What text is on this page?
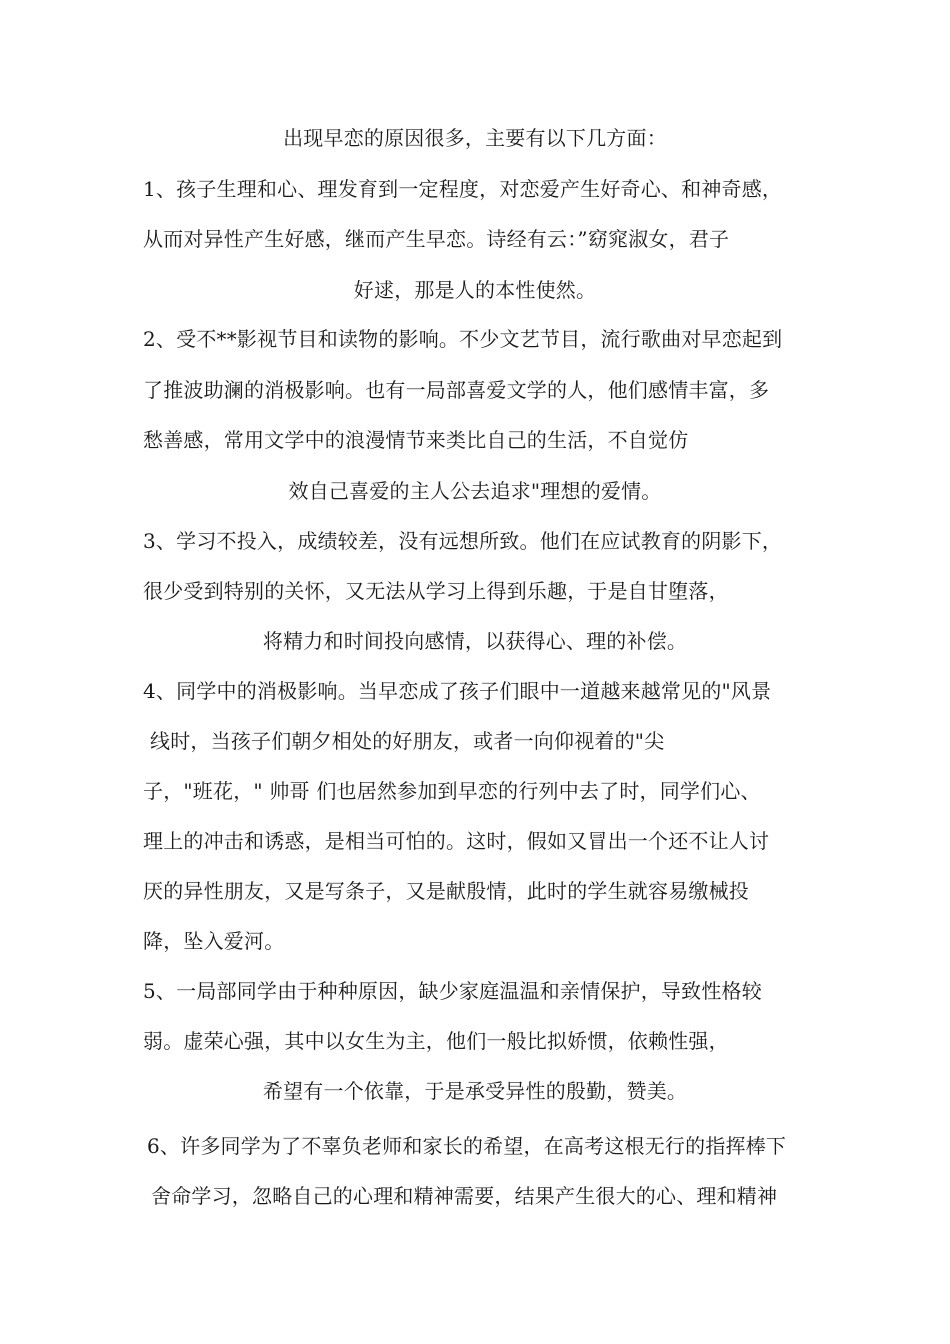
出现早恋的原因很多，主要有以下几方面：
1、孩子生理和心、理发育到一定程度，对恋爱产生好奇心、和神奇感，
从而对异性产生好感，继而产生早恋。诗经有云：”窈窕淑女，君子
好逑，那是人的本性使然。
2、受不**影视节目和读物的影响。不少文艺节目，流行歌曲对早恋起到
了推波助澜的消极影响。也有一局部喜爱文学的人，他们感情丰富，多
愁善感，常用文学中的浪漫情节来类比自己的生活，不自觉仿
效自己喜爱的主人公去追求"理想的爱情。
3、学习不投入，成绩较差，没有远想所致。他们在应试教育的阴影下，
很少受到特别的关怀，又无法从学习上得到乐趣，于是自甘堕落，
将精力和时间投向感情，以获得心、理的补偿。
4、同学中的消极影响。当早恋成了孩子们眼中一道越来越常见的"风景
线时，当孩子们朝夕相处的好朋友，或者一向仰视着的"尖
子，"班花，" 帅哥 们也居然参加到早恋的行列中去了时，同学们心、
理上的冲击和诱惑，是相当可怕的。这时，假如又冒出一个还不让人讨
厌的异性朋友，又是写条子，又是献殷情，此时的学生就容易缴械投
降，坠入爱河。
5、一局部同学由于种种原因，缺少家庭温温和亲情保护，导致性格较
弱。虚荣心强，其中以女生为主，他们一般比拟娇惯，依赖性强，
希望有一个依靠，于是承受异性的殷勤，赞美。
6、许多同学为了不辜负老师和家长的希望，在高考这根无行的指挥棒下
舍命学习，忽略自己的心理和精神需要，结果产生很大的心、理和精神
